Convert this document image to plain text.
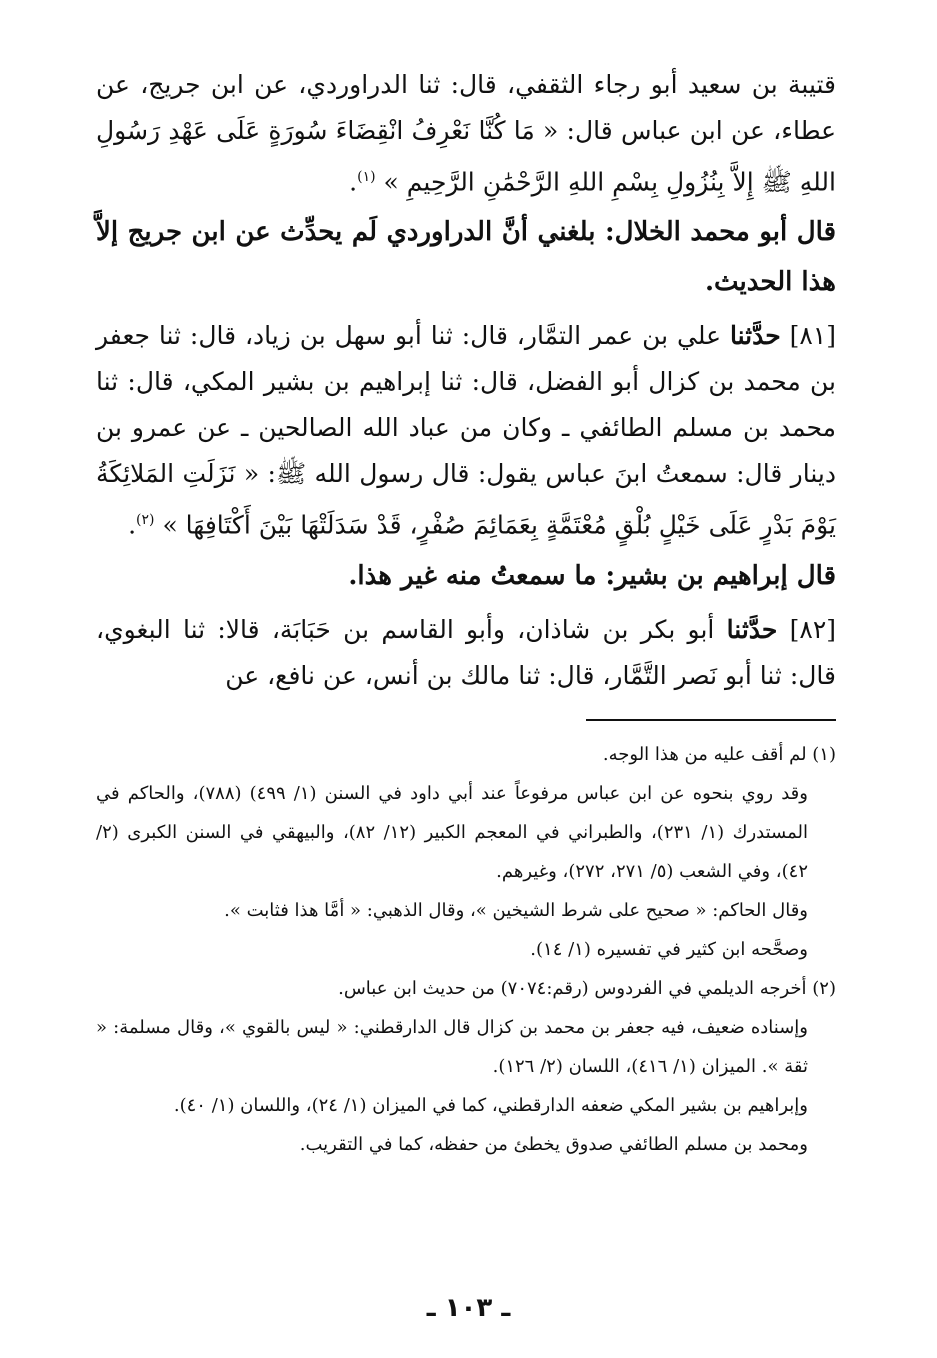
قتيبة بن سعيد أبو رجاء الثقفي، قال: ثنا الدراوردي، عن ابن جريج، عن عطاء، عن ابن عباس قال: « مَا كُنَّا نَعْرِفُ انْقِضَاءَ سُورَةٍ عَلَى عَهْدِ رَسُولِ اللهِ ﷺ إِلاَّ بِنُزُولِ بِسْمِ اللهِ الرَّحْمَٰنِ الرَّحِيمِ » $^{(١)}$.

قال أبو محمد الخلال: بلغني أنَّ الدراوردي لَم يحدِّث عن ابن جريج إلاَّ هذا الحديث.

[٨١] حدَّثنا علي بن عمر التمَّار، قال: ثنا أبو سهل بن زياد، قال: ثنا جعفر بن محمد بن كزال أبو الفضل، قال: ثنا إبراهيم بن بشير المكي، قال: ثنا محمد بن مسلم الطائفي ـ وكان من عباد الله الصالحين ـ عن عمرو بن دينار قال: سمعتُ ابنَ عباس يقول: قال رسول الله ﷺ: « نَزَلَتِ المَلائِكَةُ يَوْمَ بَدْرٍ عَلَى خَيْلٍ بُلْقٍ مُعْتَمَّةٍ بِعَمَائِمَ صُفْرٍ، قَدْ سَدَلَتْهَا بَيْنَ أَكْتَافِهَا » $^{(٢)}$.

قال إبراهيم بن بشير: ما سمعتُ منه غير هذا.

[٨٢] حدَّثنا أبو بكر بن شاذان، وأبو القاسم بن حَبَابَة، قالا: ثنا البغوي، قال: ثنا أبو نَصر التَّمَّار، قال: ثنا مالك بن أنس، عن نافع، عن

(١) لم أقف عليه من هذا الوجه.

وقد روي بنحوه عن ابن عباس مرفوعاً عند أبي داود في السنن (١/ ٤٩٩) (٧٨٨)، والحاكم في المستدرك (١/ ٢٣١)، والطبراني في المعجم الكبير (١٢/ ٨٢)، والبيهقي في السنن الكبرى (٢/ ٤٢)، وفي الشعب (٥/ ٢٧١، ٢٧٢)، وغيرهم.

وقال الحاكم: « صحيح على شرط الشيخين »، وقال الذهبي: « أمَّا هذا فثابت ».

وصحَّحه ابن كثير في تفسيره (١/ ١٤).

(٢) أخرجه الديلمي في الفردوس (رقم:٧٠٧٤) من حديث ابن عباس.

وإسناده ضعيف، فيه جعفر بن محمد بن كزال قال الدارقطني: « ليس بالقوي »، وقال مسلمة: « ثقة ». الميزان (١/ ٤١٦)، اللسان (٢/ ١٢٦).

وإبراهيم بن بشير المكي ضعفه الدارقطني، كما في الميزان (١/ ٢٤)، واللسان (١/ ٤٠).

ومحمد بن مسلم الطائفي صدوق يخطئ من حفظه، كما في التقريب.

ـ ١٠٣ ـ
